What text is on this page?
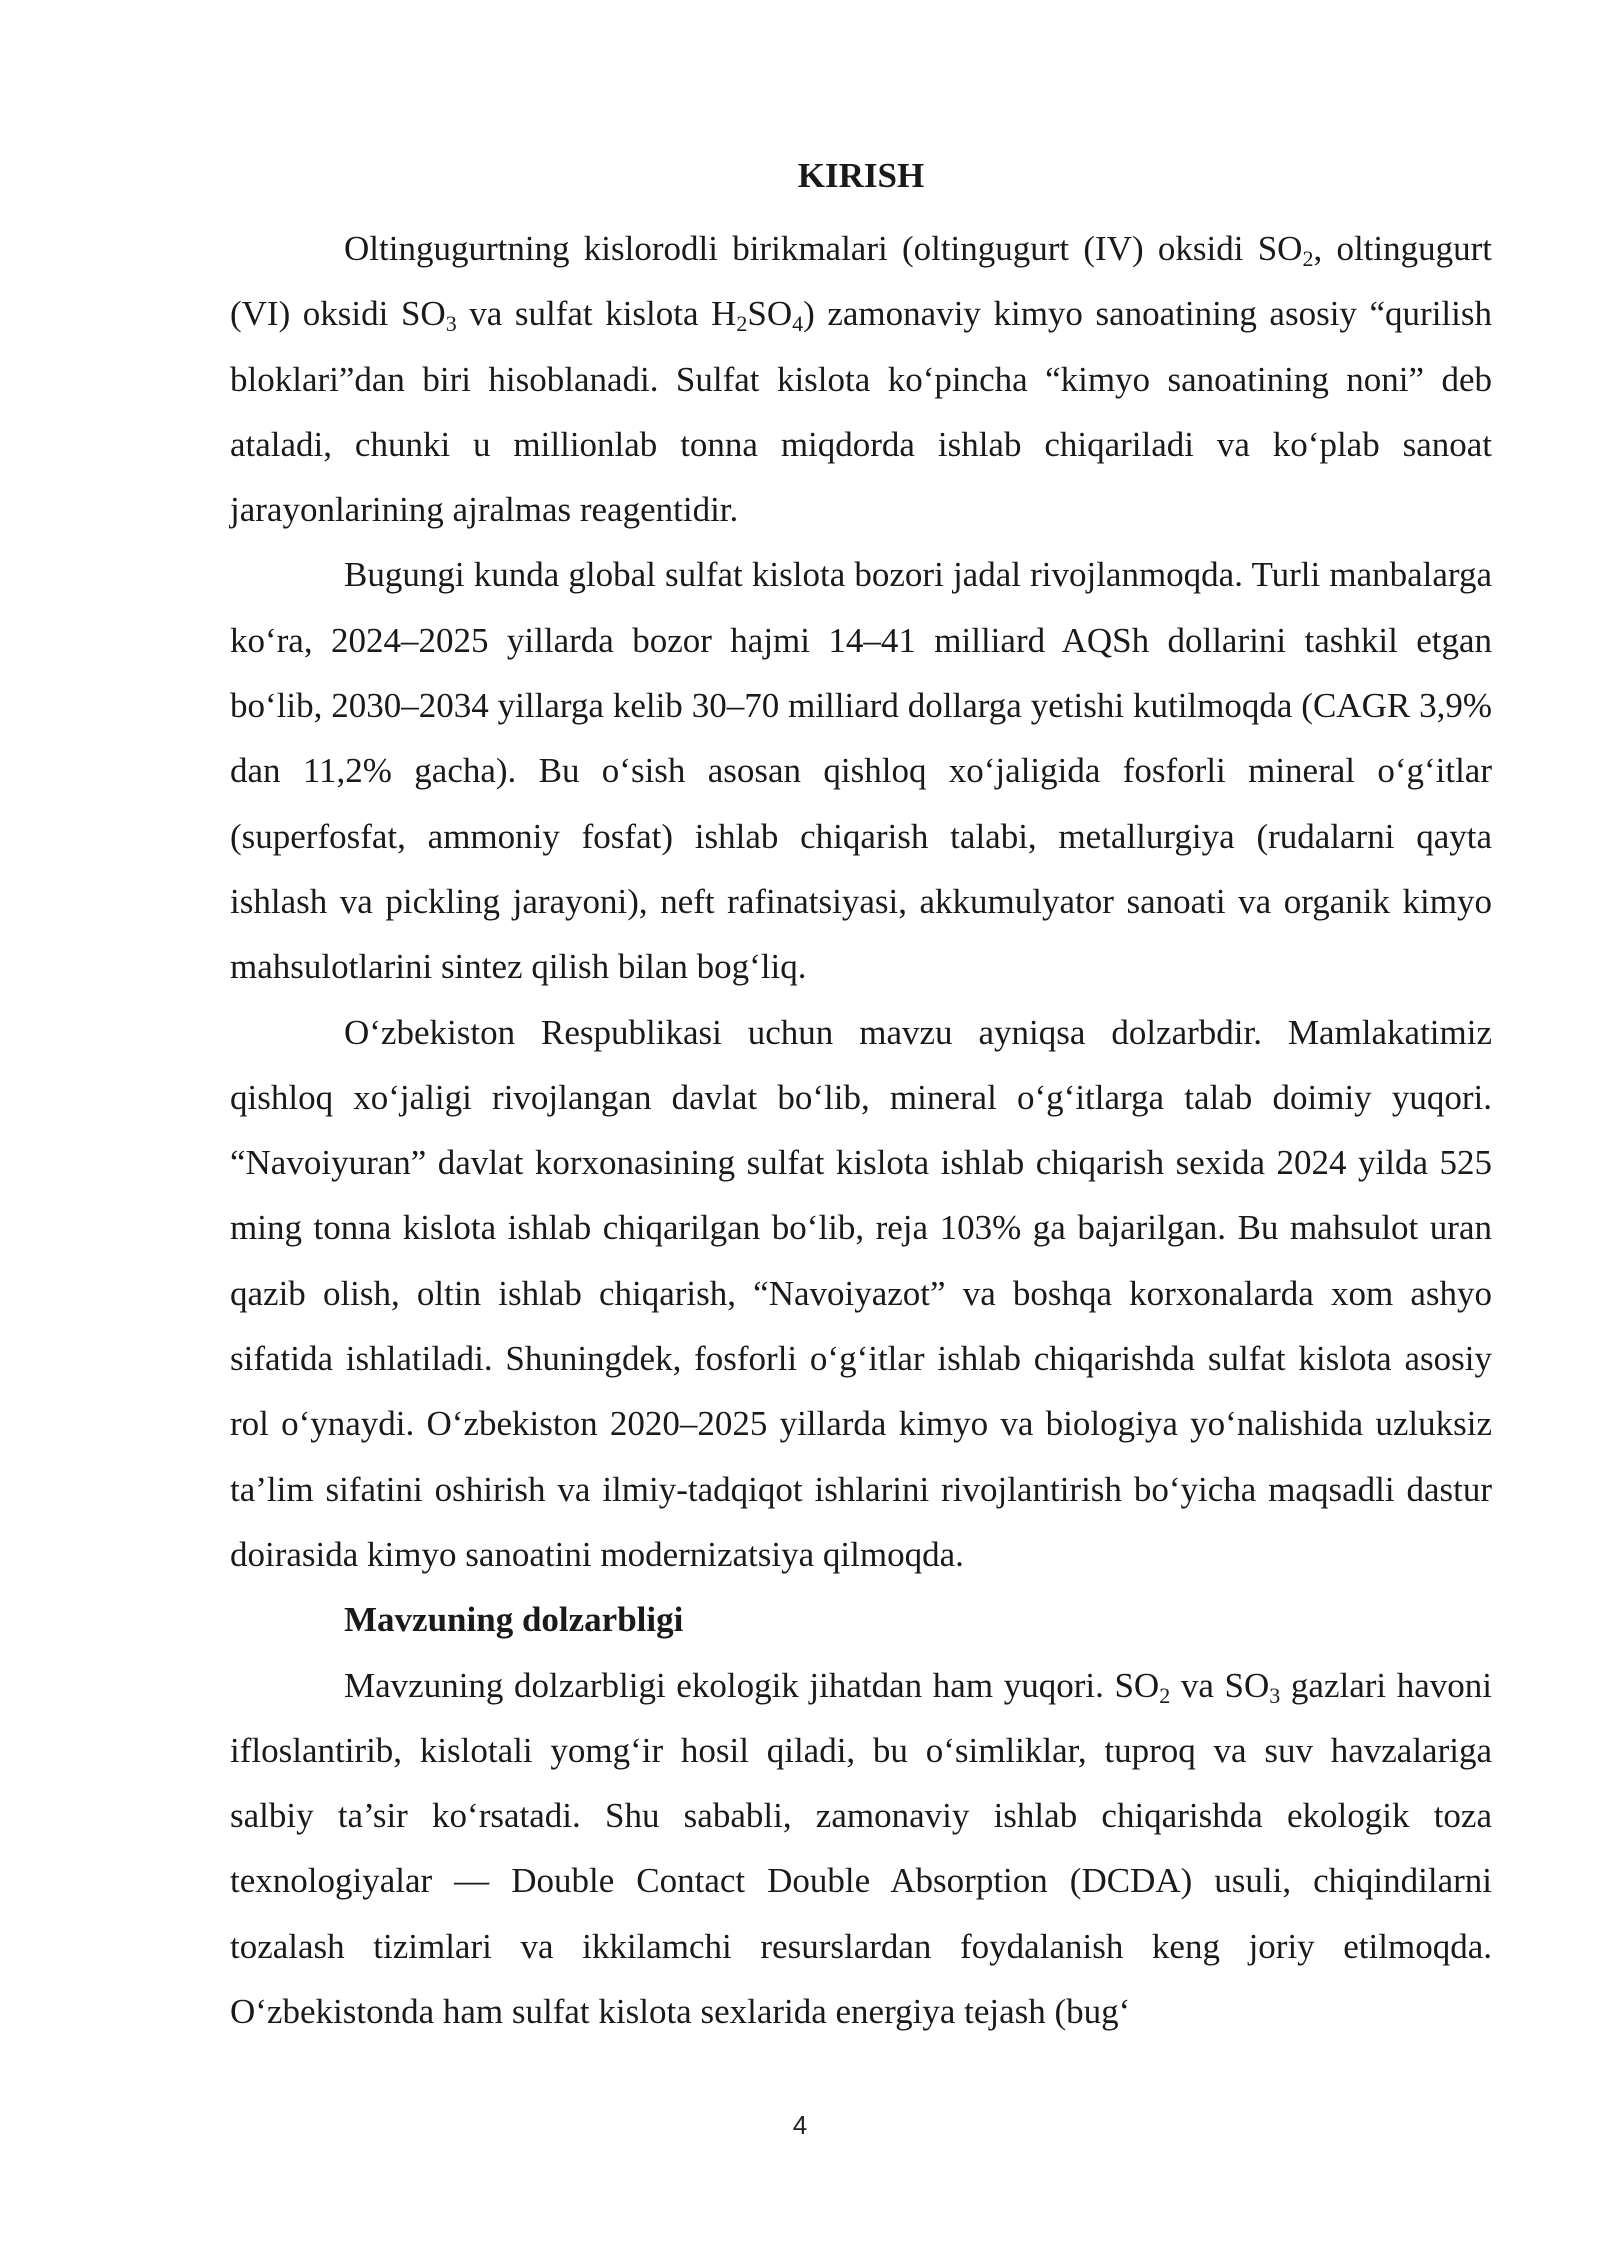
KIRISH

Oltingugurtning kislorodli birikmalari (oltingugurt (IV) oksidi $SO_2$, oltingugurt (VI) oksidi $SO_3$ va sulfat kislota $H_2SO_4$) zamonaviy kimyo sanoatining asosiy “qurilish bloklari”dan biri hisoblanadi. Sulfat kislota ko‘pincha “kimyo sanoatining noni” deb ataladi, chunki u millionlab tonna miqdorda ishlab chiqariladi va ko‘plab sanoat jarayonlarining ajralmas reagentidir.

Bugungi kunda global sulfat kislota bozori jadal rivojlanmoqda. Turli manbalarga ko‘ra, 2024–2025 yillarda bozor hajmi 14–41 milliard AQSh dollarini tashkil etgan bo‘lib, 2030–2034 yillarga kelib 30–70 milliard dollarga yetishi kutilmoqda (CAGR 3,9% dan 11,2% gacha). Bu o‘sish asosan qishloq xo‘jaligida fosforli mineral o‘g‘itlar (superfosfat, ammoniy fosfat) ishlab chiqarish talabi, metallurgiya (rudalarni qayta ishlash va pickling jarayoni), neft rafinatsiyasi, akkumulyator sanoati va organik kimyo mahsulotlarini sintez qilish bilan bog‘liq.

O‘zbekiston Respublikasi uchun mavzu ayniqsa dolzarbdir. Mamlakatimiz qishloq xo‘jaligi rivojlangan davlat bo‘lib, mineral o‘g‘itlarga talab doimiy yuqori. “Navoiyuran” davlat korxonasining sulfat kislota ishlab chiqarish sexida 2024 yilda 525 ming tonna kislota ishlab chiqarilgan bo‘lib, reja 103% ga bajarilgan. Bu mahsulot uran qazib olish, oltin ishlab chiqarish, “Navoiyazot” va boshqa korxonalarda xom ashyo sifatida ishlatiladi. Shuningdek, fosforli o‘g‘itlar ishlab chiqarishda sulfat kislota asosiy rol o‘ynaydi. O‘zbekiston 2020–2025 yillarda kimyo va biologiya yo‘nalishida uzluksiz ta’lim sifatini oshirish va ilmiy-tadqiqot ishlarini rivojlantirish bo‘yicha maqsadli dastur doirasida kimyo sanoatini modernizatsiya qilmoqda.

Mavzuning dolzarbligi

Mavzuning dolzarbligi ekologik jihatdan ham yuqori. $SO_2$ va $SO_3$ gazlari havoni ifloslantirib, kislotali yomg‘ir hosil qiladi, bu o‘simliklar, tuproq va suv havzalariga salbiy ta’sir ko‘rsatadi. Shu sababli, zamonaviy ishlab chiqarishda ekologik toza texnologiyalar — Double Contact Double Absorption (DCDA) usuli, chiqindilarni tozalash tizimlari va ikkilamchi resurslardan foydalanish keng joriy etilmoqda. O‘zbekistonda ham sulfat kislota sexlarida energiya tejash (bug‘

4
